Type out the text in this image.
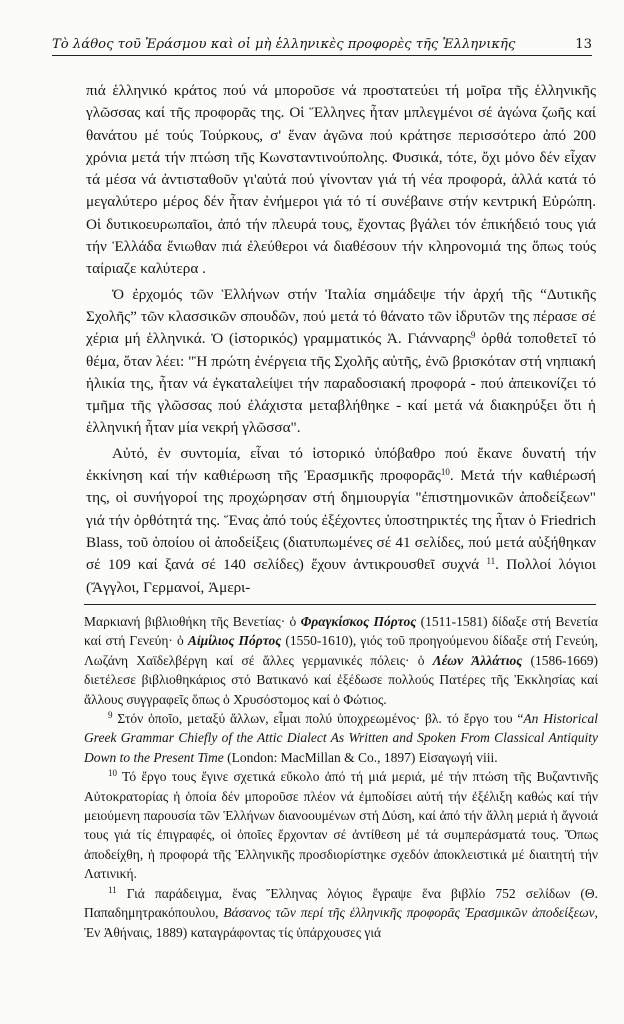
Τὸ λάθος τοῦ Ἐράσμου καὶ οἱ μὴ ἑλληνικὲς προφορὲς τῆς Ἑλληνικῆς	13

πιά ἑλληνικό κράτος πού νά μποροῦσε νά προστατεύει τή μοῖρα τῆς ἑλληνικῆς γλῶσσας καί τῆς προφορᾶς της. Οἱ Ἕλληνες ἦταν μπλεγμένοι σέ ἀγώνα ζωῆς καί θανάτου μέ τούς Τούρκους, σ' ἕναν ἀγῶνα πού κράτησε περισσότερο ἀπό 200 χρόνια μετά τήν πτώση τῆς Κωνσταντινούπολης. Φυσικά, τότε, ὄχι μόνο δέν εἶχαν τά μέσα νά ἀντισταθοῦν γι'αὐτά πού γίνονταν γιά τή νέα προφορά, ἀλλά κατά τό μεγαλύτερο μέρος δέν ἦταν ἐνήμεροι γιά τό τί συνέβαινε στήν κεντρική Εὐρώπη. Οἱ δυτικοευρωπαῖοι, ἀπό τήν πλευρά τους, ἔχοντας βγάλει τόν ἐπικήδειό τους γιά τήν Ἑλλάδα ἔνιωθαν πιά ἐλεύθεροι νά διαθέσουν τήν κληρονομιά της ὅπως τούς ταίριαζε καλύτερα .

Ὁ ἐρχομός τῶν Ἑλλήνων στήν Ἰταλία σημάδεψε τήν ἀρχή τῆς “Δυτικῆς Σχολῆς” τῶν κλασσικῶν σπουδῶν, πού μετά τό θάνατο τῶν ἱδρυτῶν της πέρασε σέ χέρια μή ἑλληνικά. Ὁ (ἱστορικός) γραμματικός Ἀ. Γιάνναρης$^9$ ὀρθά τοποθετεῖ τό θέμα, ὅταν λέει: "Ἡ πρώτη ἐνέργεια τῆς Σχολῆς αὐτῆς, ἐνῶ βρισκόταν στή νηπιακή ἡλικία της, ἦταν νά ἐγκαταλείψει τήν παραδοσιακή προφορά - πού ἀπεικονίζει τό τμῆμα τῆς γλῶσσας πού ἐλάχιστα μεταβλήθηκε - καί μετά νά διακηρύξει ὅτι ἡ ἑλληνική ἦταν μία νεκρή γλῶσσα".

Αὐτό, ἐν συντομία, εἶναι τό ἱστορικό ὑπόβαθρο πού ἔκανε δυνατή τήν ἐκκίνηση καί τήν καθιέρωση τῆς Ἐρασμικῆς προφορᾶς$^{10}$. Μετά τήν καθιέρωσή της, οἱ συνήγοροί της προχώρησαν στή δημιουργία "ἐπιστημονικῶν ἀποδείξεων" γιά τήν ὀρθότητά της. Ἕνας ἀπό τούς ἐξέχοντες ὑποστηρικτές της ἦταν ὁ Friedrich Blass, τοῦ ὁποίου οἱ ἀποδείξεις (διατυπωμένες σέ 41 σελίδες, πού μετά αὐξήθηκαν σέ 109 καί ξανά σέ 140 σελίδες) ἔχουν ἀντικρουσθεῖ συχνά $^{11}$. Πολλοί λόγιοι (Ἄγγλοι, Γερμανοί, Ἀμερι-

Μαρκιανή βιβλιοθήκη τῆς Βενετίας· ὁ Φραγκίσκος Πόρτος (1511-1581) δίδαξε στή Βενετία καί στή Γενεύη· ὁ Αἰμίλιος Πόρτος (1550-1610), γιός τοῦ προηγούμενου δίδαξε στή Γενεύη, Λωζάνη Χαϊδελβέργη καί σέ ἄλλες γερμανικές πόλεις· ὁ Λέων Ἀλλάτιος (1586-1669) διετέλεσε βιβλιοθηκάριος στό Βατικανό καί ἐξέδωσε πολλούς Πατέρες τῆς Ἐκκλησίας καί ἄλλους συγγραφεῖς ὅπως ὁ Χρυσόστομος καί ὁ Φώτιος.

$^9$ Στόν ὁποῖο, μεταξύ ἄλλων, εἶμαι πολύ ὑποχρεωμένος· βλ. τό ἔργο του “An Historical Greek Grammar Chiefly of the Attic Dialect As Written and Spoken From Classical Antiquity Down to the Present Time (London: MacMillan & Co., 1897) Εἰσαγωγή viii.

$^{10}$ Τό ἔργο τους ἔγινε σχετικά εὔκολο ἀπό τή μιά μεριά, μέ τήν πτώση τῆς Βυζαντινῆς Αὐτοκρατορίας ἡ ὁποία δέν μποροῦσε πλέον νά ἐμποδίσει αὐτή τήν ἐξέλιξη καθώς καί τήν μειούμενη παρουσία τῶν Ἑλλήνων διανοουμένων στή Δύση, καί ἀπό τήν ἄλλη μεριά ἡ ἄγνοιά τους γιά τίς ἐπιγραφές, οἱ ὁποῖες ἔρχονταν σέ ἀντίθεση μέ τά συμπεράσματά τους. Ὅπως ἀποδείχθη, ἡ προφορά τῆς Ἑλληνικῆς προσδιορίστηκε σχεδόν ἀποκλειστικά μέ διαιτητή τήν Λατινική.

$^{11}$ Γιά παράδειγμα, ἕνας Ἕλληνας λόγιος ἔγραψε ἕνα βιβλίο 752 σελίδων (Θ. Παπαδημητρακόπουλου, Βάσανος τῶν περί τῆς ἑλληνικῆς προφορᾶς Ἐρασμικῶν ἀποδείξεων, Ἐν Ἀθήναις, 1889) καταγράφοντας τίς ὑπάρχουσες γιά
